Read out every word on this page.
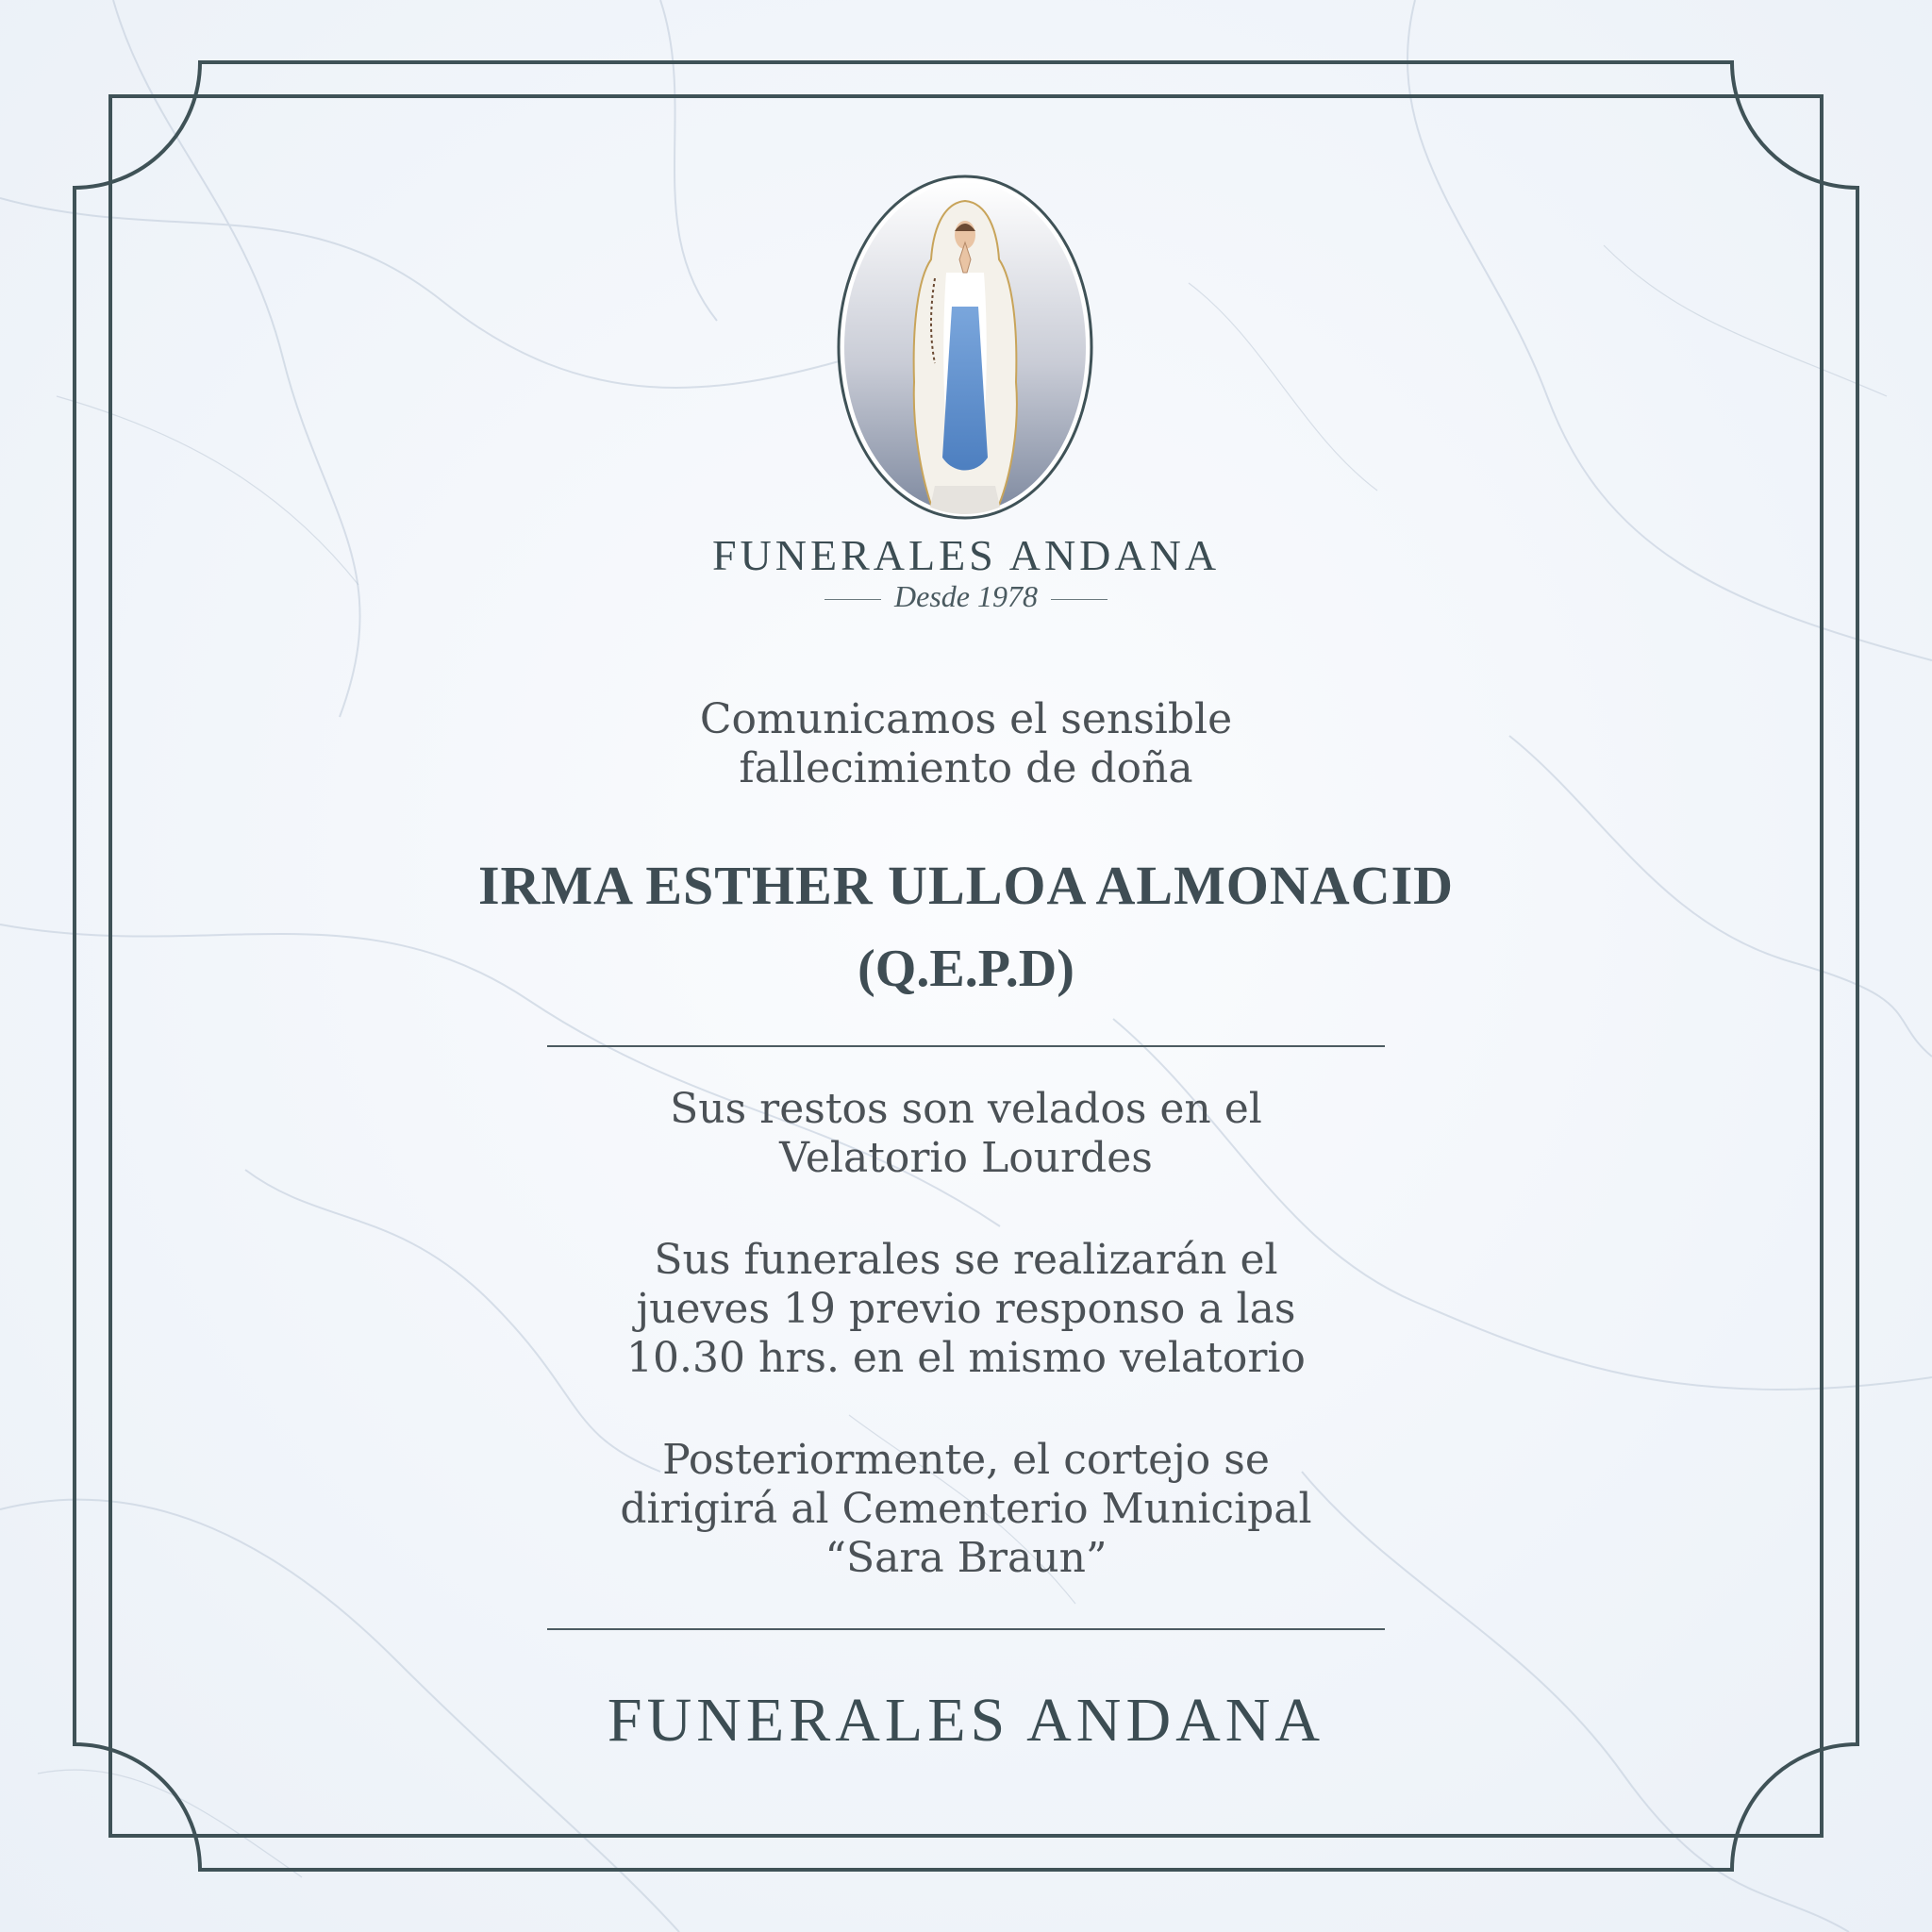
FUNERALES ANDANA
Desde 1978
Comunicamos el sensible
fallecimiento de doña
IRMA ESTHER ULLOA ALMONACID
(Q.E.P.D)
Sus restos son velados en el
Velatorio Lourdes
Sus funerales se realizarán el
jueves 19 previo responso a las
10.30 hrs. en el mismo velatorio
Posteriormente, el cortejo se
dirigirá al Cementerio Municipal
“Sara Braun”
FUNERALES ANDANA
